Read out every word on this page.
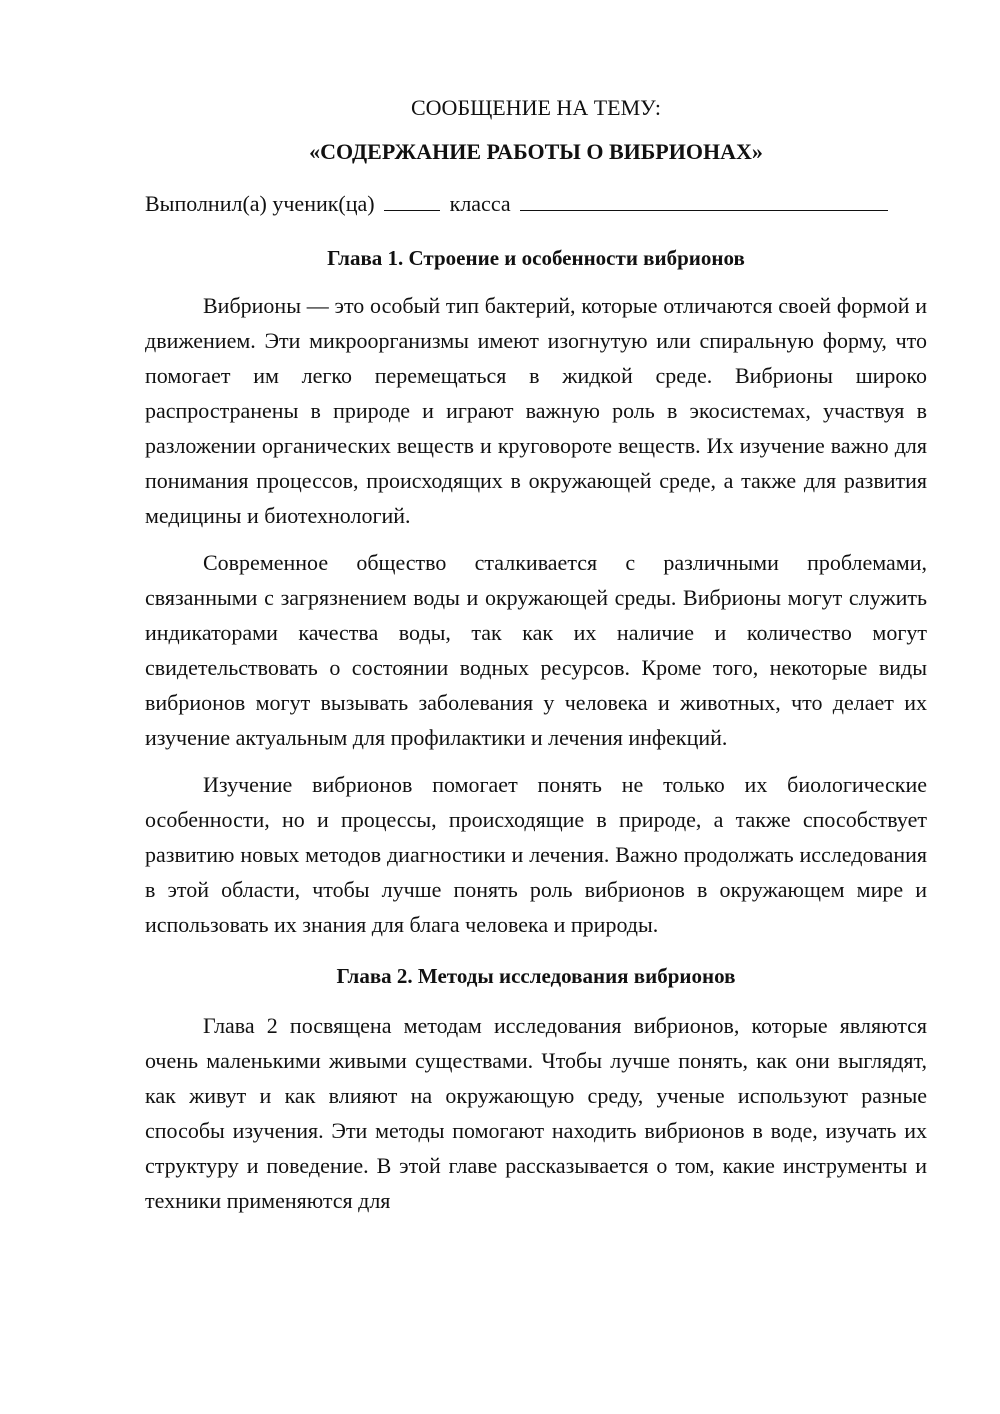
СООБЩЕНИЕ НА ТЕМУ:
«СОДЕРЖАНИЕ РАБОТЫ О ВИБРИОНАХ»
Выполнил(а) ученик(ца)	класса
Глава 1. Строение и особенности вибрионов

Вибрионы — это особый тип бактерий, которые отличаются своей формой и движением. Эти микроорганизмы имеют изогнутую или спиральную форму, что помогает им легко перемещаться в жидкой среде. Вибрионы широко распространены в природе и играют важную роль в экосистемах, участвуя в разложении органических веществ и круговороте веществ. Их изучение важно для понимания процессов, происходящих в окружающей среде, а также для развития медицины и биотехнологий.

Современное общество сталкивается с различными проблемами, связанными с загрязнением воды и окружающей среды. Вибрионы могут служить индикаторами качества воды, так как их наличие и количество могут свидетельствовать о состоянии водных ресурсов. Кроме того, некоторые виды вибрионов могут вызывать заболевания у человека и животных, что делает их изучение актуальным для профилактики и лечения инфекций.

Изучение вибрионов помогает понять не только их биологические особенности, но и процессы, происходящие в природе, а также способствует развитию новых методов диагностики и лечения. Важно продолжать исследования в этой области, чтобы лучше понять роль вибрионов в окружающем мире и использовать их знания для блага человека и природы.

Глава 2. Методы исследования вибрионов

Глава 2 посвящена методам исследования вибрионов, которые являются очень маленькими живыми существами. Чтобы лучше понять, как они выглядят, как живут и как влияют на окружающую среду, ученые используют разные способы изучения. Эти методы помогают находить вибрионов в воде, изучать их структуру и поведение. В этой главе рассказывается о том, какие инструменты и техники применяются для
